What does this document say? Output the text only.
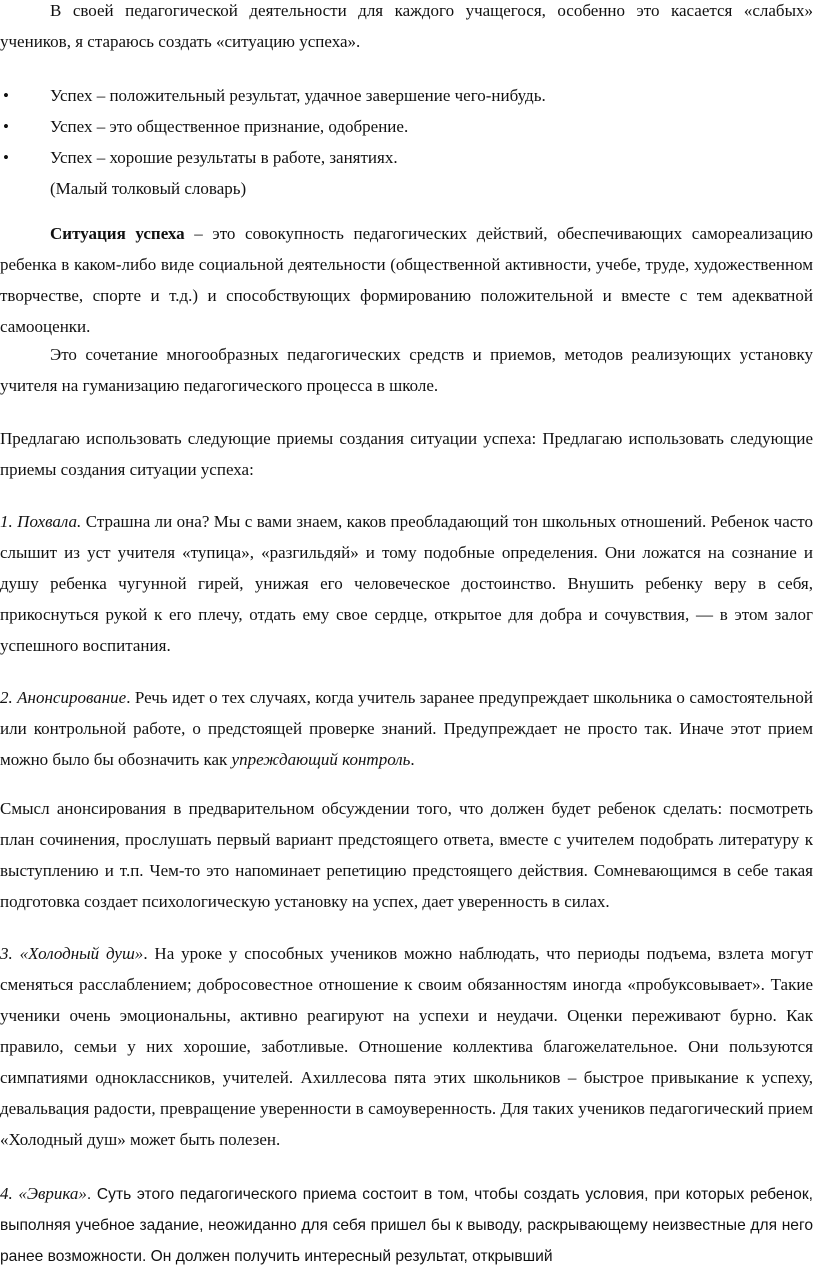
В своей педагогической деятельности для каждого учащегося, особенно это касается «слабых» учеников, я стараюсь создать «ситуацию успеха».

• Успех – положительный результат, удачное завершение чего-нибудь.
• Успех – это общественное признание, одобрение.
• Успех – хорошие результаты в работе, занятиях.
(Малый толковый словарь)

Ситуация успеха – это совокупность педагогических действий, обеспечивающих самореализацию ребенка в каком-либо виде социальной деятельности (общественной активности, учебе, труде, художественном творчестве, спорте и т.д.) и способствующих формированию положительной и вместе с тем адекватной самооценки.

Это сочетание многообразных педагогических средств и приемов, методов реализующих установку учителя на гуманизацию педагогического процесса в школе.

Предлагаю использовать следующие приемы создания ситуации успеха: Предлагаю использовать следующие приемы создания ситуации успеха:

1. Похвала. Страшна ли она? Мы с вами знаем, каков преобладающий тон школьных отношений. Ребенок часто слышит из уст учителя «тупица», «разгильдяй» и тому подобные определения. Они ложатся на сознание и душу ребенка чугунной гирей, унижая его человеческое достоинство. Внушить ребенку веру в себя, прикоснуться рукой к его плечу, отдать ему свое сердце, открытое для добра и сочувствия, — в этом залог успешного воспитания.

2. Анонсирование. Речь идет о тех случаях, когда учитель заранее предупреждает школьника о самостоятельной или контрольной работе, о предстоящей проверке знаний. Предупреждает не просто так. Иначе этот прием можно было бы обозначить как упреждающий контроль.

Смысл анонсирования в предварительном обсуждении того, что должен будет ребенок сделать: посмотреть план сочинения, прослушать первый вариант предстоящего ответа, вместе с учителем подобрать литературу к выступлению и т.п. Чем-то это напоминает репетицию предстоящего действия. Сомневающимся в себе такая подготовка создает психологическую установку на успех, дает уверенность в силах.

3. «Холодный душ». На уроке у способных учеников можно наблюдать, что периоды подъема, взлета могут сменяться расслаблением; добросовестное отношение к своим обязанностям иногда «пробуксовывает». Такие ученики очень эмоциональны, активно реагируют на успехи и неудачи. Оценки переживают бурно. Как правило, семьи у них хорошие, заботливые. Отношение коллектива благожелательное. Они пользуются симпатиями одноклассников, учителей. Ахиллесова пята этих школьников – быстрое привыкание к успеху, девальвация радости, превращение уверенности в самоуверенность. Для таких учеников педагогический прием «Холодный душ» может быть полезен.

4. «Эврика». Суть этого педагогического приема состоит в том, чтобы создать условия, при которых ребенок, выполняя учебное задание, неожиданно для себя пришел бы к выводу, раскрывающему неизвестные для него ранее возможности. Он должен получить интересный результат, открывший
